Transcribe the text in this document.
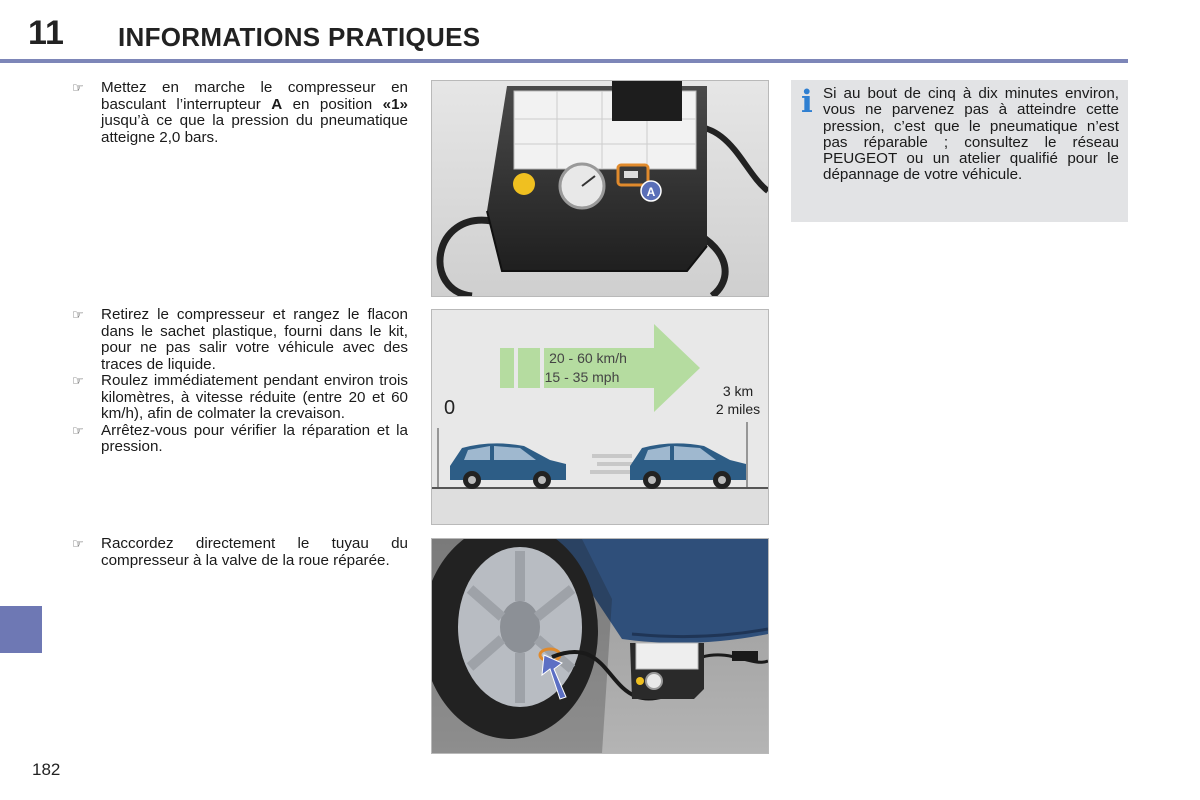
11 INFORMATIONS PRATIQUES
☞	Mettez en marche le compresseur en basculant l’interrupteur A en position «1» jusqu’à ce que la pression du pneumatique atteigne 2,0 bars.
A
☞	Retirez le compresseur et rangez le flacon dans le sachet plastique, fourni dans le kit, pour ne pas salir votre véhicule avec des traces de liquide.
☞	Roulez immédiatement pendant environ trois kilomètres, à vitesse réduite (entre 20 et 60 km/h), afin de colmater la crevaison.
☞	Arrêtez-vous pour vérifier la réparation et la pression.
20 - 60 km/h
15 - 35 mph
3 km
2 miles
0
☞	Raccordez directement le tuyau du compresseur à la valve de la roue réparée.
i Si au bout de cinq à dix minutes environ, vous ne parvenez pas à atteindre cette pression, c’est que le pneumatique n’est pas réparable ; consultez le réseau PEUGEOT ou un atelier qualifié pour le dépannage de votre véhicule.
182
